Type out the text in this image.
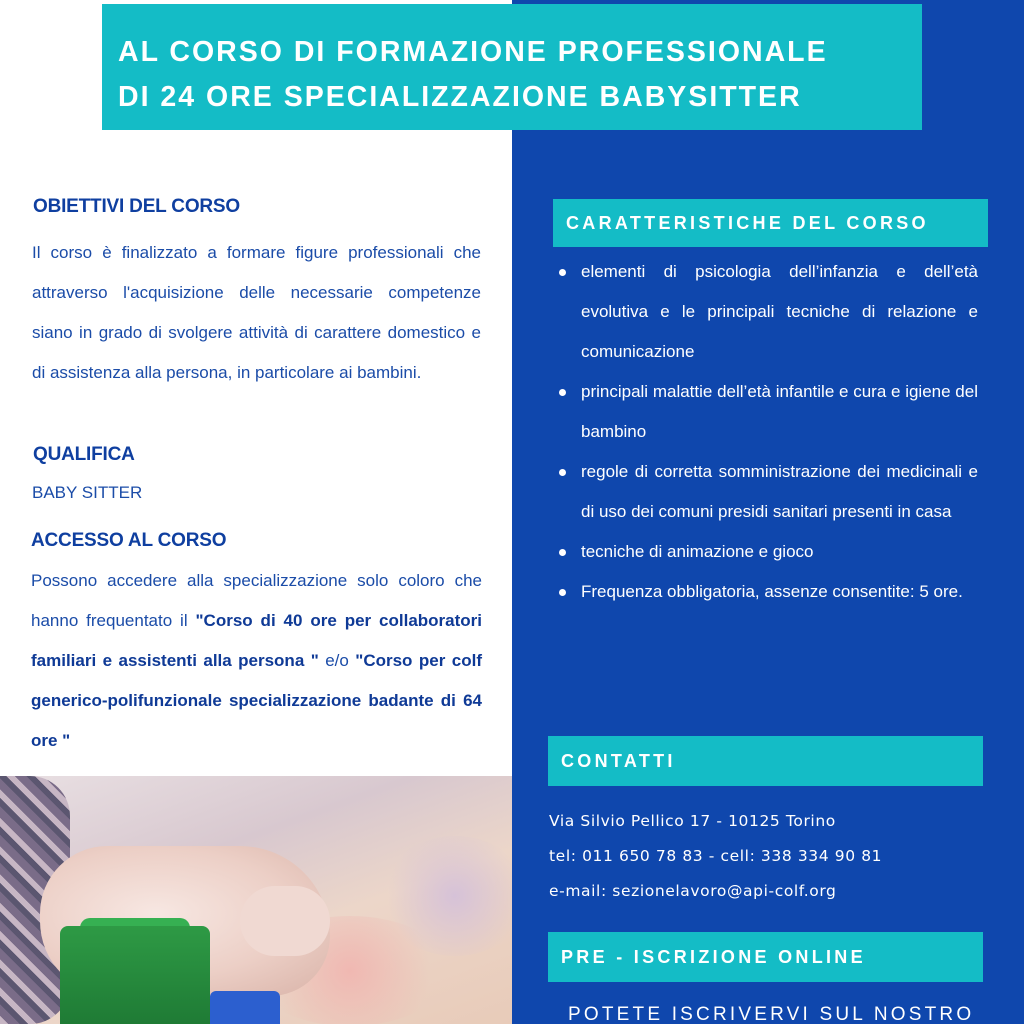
AL CORSO DI FORMAZIONE PROFESSIONALE
DI 24 ORE SPECIALIZZAZIONE BABYSITTER
OBIETTIVI DEL CORSO

Il corso è finalizzato a formare figure professionali che attraverso l'acquisizione delle necessarie competenze siano in grado di svolgere attività di carattere domestico e di assistenza alla persona, in particolare ai bambini.

QUALIFICA
BABY SITTER
ACCESSO AL CORSO

Possono accedere alla specializzazione solo coloro che hanno frequentato il "Corso di 40 ore per collaboratori familiari e assistenti alla persona " e/o "Corso per colf generico-polifunzionale specializzazione badante di 64 ore "

CARATTERISTICHE DEL CORSO
elementi di psicologia dell’infanzia e dell’età evolutiva e le principali tecniche di relazione e comunicazione
principali malattie dell’età infantile e cura e igiene del bambino
regole di corretta somministrazione dei medicinali e di uso dei comuni presidi sanitari presenti in casa
tecniche di animazione e gioco
Frequenza obbligatoria, assenze consentite: 5 ore.
CONTATTI
Via Silvio Pellico 17 - 10125 Torino
tel: 011 650 78 83 - cell: 338 334 90 81
e-mail: sezionelavoro@api-colf.org
PRE - ISCRIZIONE ONLINE
POTETE ISCRIVERVI SUL NOSTRO
